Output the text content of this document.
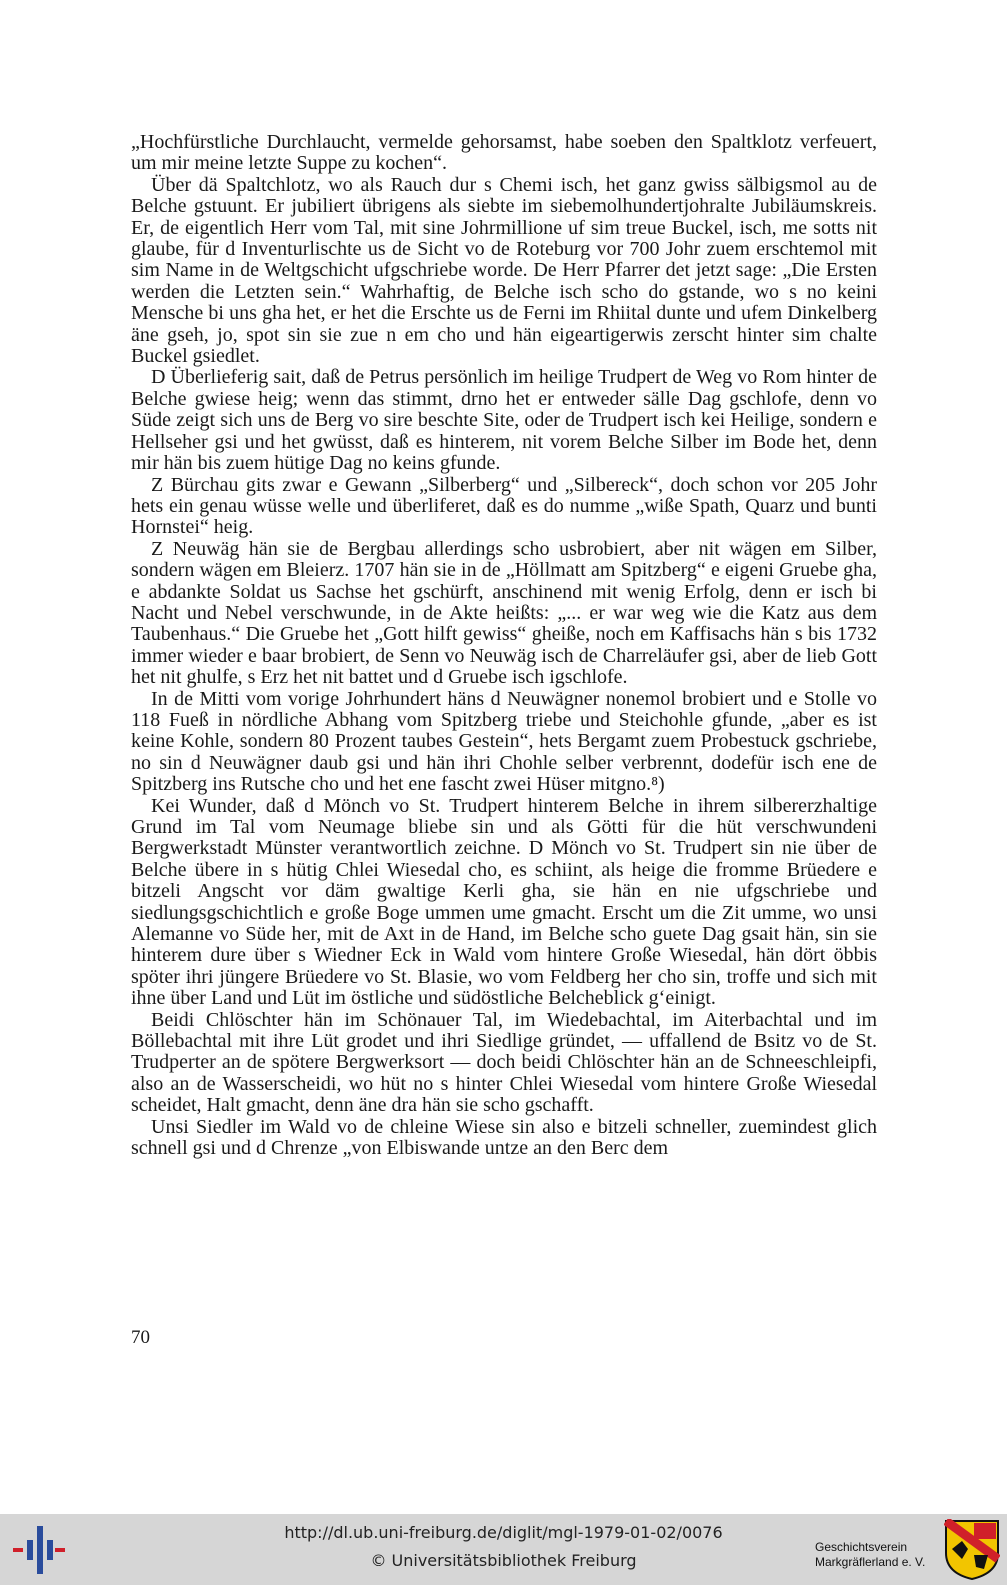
„Hochfürstliche Durchlaucht, vermelde gehorsamst, habe soeben den Spaltklotz verfeuert, um mir meine letzte Suppe zu kochen“.

Über dä Spaltchlotz, wo als Rauch dur s Chemi isch, het ganz gwiss sälbigsmol au de Belche gstuunt. Er jubiliert übrigens als siebte im siebemolhundertjohralte Jubiläumskreis. Er, de eigentlich Herr vom Tal, mit sine Johrmillione uf sim treue Buckel, isch, me sotts nit glaube, für d Inventurlischte us de Sicht vo de Roteburg vor 700 Johr zuem erschtemol mit sim Name in de Weltgschicht ufgschriebe worde. De Herr Pfarrer det jetzt sage: „Die Ersten werden die Letzten sein.“ Wahrhaftig, de Belche isch scho do gstande, wo s no keini Mensche bi uns gha het, er het die Erschte us de Ferni im Rhiital dunte und ufem Dinkelberg äne gseh, jo, spot sin sie zue n em cho und hän eigeartigerwis zerscht hinter sim chalte Buckel gsiedlet.

D Überlieferig sait, daß de Petrus persönlich im heilige Trudpert de Weg vo Rom hinter de Belche gwiese heig; wenn das stimmt, drno het er entweder sälle Dag gschlofe, denn vo Süde zeigt sich uns de Berg vo sire beschte Site, oder de Trudpert isch kei Heilige, sondern e Hellseher gsi und het gwüsst, daß es hinterem, nit vorem Belche Silber im Bode het, denn mir hän bis zuem hütige Dag no keins gfunde.

Z Bürchau gits zwar e Gewann „Silberberg“ und „Silbereck“, doch schon vor 205 Johr hets ein genau wüsse welle und überliferet, daß es do numme „wiße Spath, Quarz und bunti Hornstei“ heig.

Z Neuwäg hän sie de Bergbau allerdings scho usbrobiert, aber nit wägen em Silber, sondern wägen em Bleierz. 1707 hän sie in de „Höllmatt am Spitzberg“ e eigeni Gruebe gha, e abdankte Soldat us Sachse het gschürft, anschinend mit wenig Erfolg, denn er isch bi Nacht und Nebel verschwunde, in de Akte heißts: „... er war weg wie die Katz aus dem Taubenhaus.“ Die Gruebe het „Gott hilft gewiss“ gheiße, noch em Kaffisachs hän s bis 1732 immer wieder e baar brobiert, de Senn vo Neuwäg isch de Charreläufer gsi, aber de lieb Gott het nit ghulfe, s Erz het nit battet und d Gruebe isch igschlofe.

In de Mitti vom vorige Johrhundert häns d Neuwägner nonemol brobiert und e Stolle vo 118 Fueß in nördliche Abhang vom Spitzberg triebe und Steichohle gfunde, „aber es ist keine Kohle, sondern 80 Prozent taubes Gestein“, hets Bergamt zuem Probestuck gschriebe, no sin d Neuwägner daub gsi und hän ihri Chohle selber verbrennt, dodefür isch ene de Spitzberg ins Rutsche cho und het ene fascht zwei Hüser mitgno.⁸)

Kei Wunder, daß d Mönch vo St. Trudpert hinterem Belche in ihrem silbererzhaltige Grund im Tal vom Neumage bliebe sin und als Götti für die hüt verschwundeni Bergwerkstadt Münster verantwortlich zeichne. D Mönch vo St. Trudpert sin nie über de Belche übere in s hütig Chlei Wiesedal cho, es schiint, als heige die fromme Brüedere e bitzeli Angscht vor däm gwaltige Kerli gha, sie hän en nie ufgschriebe und siedlungsgschichtlich e großе Boge ummen ume gmacht. Erscht um die Zit umme, wo unsi Alemanne vo Süde her, mit de Axt in de Hand, im Belche scho guete Dag gsait hän, sin sie hinterem dure über s Wiedner Eck in Wald vom hintere Große Wiesedal, hän dört öbbis spöter ihri jüngere Brüedere vo St. Blasie, wo vom Feldberg her cho sin, troffe und sich mit ihne über Land und Lüt im östliche und südöstliche Belcheblick g‘einigt.

Beidi Chlöschter hän im Schönauer Tal, im Wiedebachtal, im Aiterbachtal und im Böllebachtal mit ihre Lüt grodet und ihri Siedlige gründet, — uffallend de Bsitz vo de St. Trudperter an de spötere Bergwerksort — doch beidi Chlöschter hän an de Schneeschleipfi, also an de Wasserscheidi, wo hüt no s hinter Chlei Wiesedal vom hintere Große Wiesedal scheidet, Halt gmacht, denn äne dra hän sie scho gschafft.

Unsi Siedler im Wald vo de chleine Wiese sin also e bitzeli schneller, zuemindest glich schnell gsi und d Chrenze „von Elbiswande untze an den Berc dem

70
http://dl.ub.uni-freiburg.de/diglit/mgl-1979-01-02/0076
© Universitätsbibliothek Freiburg
Geschichtsverein
Markgräflerland e. V.
